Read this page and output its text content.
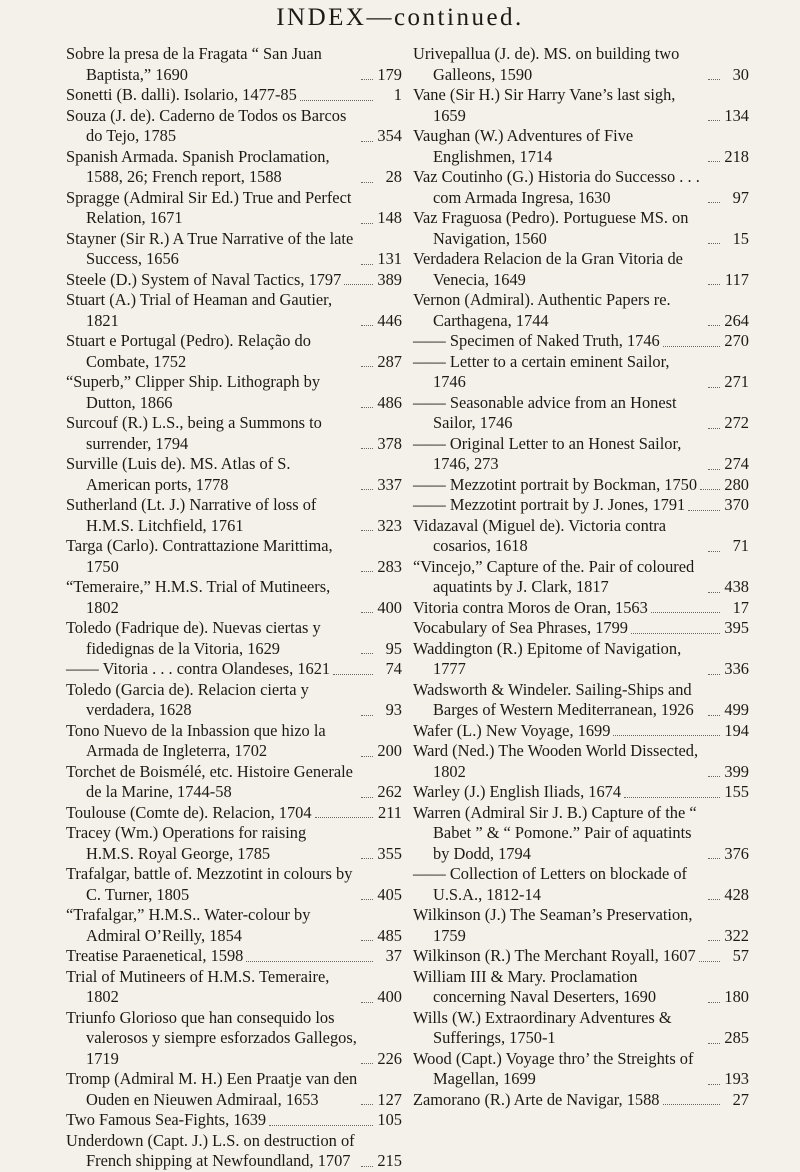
INDEX—continued.
Sobre la presa de la Fragata “ San Juan Baptista,” 1690	179
Sonetti (B. dalli). Isolario, 1477-85	1
Souza (J. de). Caderno de Todos os Barcos do Tejo, 1785	354
Spanish Armada. Spanish Proclamation, 1588, 26; French report, 1588	28
Spragge (Admiral Sir Ed.) True and Perfect Relation, 1671	148
Stayner (Sir R.) A True Narrative of the late Success, 1656	131
Steele (D.) System of Naval Tactics, 1797 389
Stuart (A.) Trial of Heaman and Gautier, 1821	446
Stuart e Portugal (Pedro). Relação do Combate, 1752	287
“Superb,” Clipper Ship. Lithograph by Dutton, 1866	486
Surcouf (R.) L.S., being a Summons to surrender, 1794	378
Surville (Luis de). MS. Atlas of S. American ports, 1778	337
Sutherland (Lt. J.) Narrative of loss of H.M.S. Litchfield, 1761	323
Targa (Carlo). Contrattazione Marittima, 1750	283
“Temeraire,” H.M.S. Trial of Mutineers, 1802	400
Toledo (Fadrique de). Nuevas ciertas y fidedignas de la Vitoria, 1629	95
—— Vitoria . . . contra Olandeses, 1621	74
Toledo (Garcia de). Relacion cierta y verdadera, 1628	93
Tono Nuevo de la Inbassion que hizo la Armada de Ingleterra, 1702	200
Torchet de Boismélé, etc. Histoire Generale de la Marine, 1744-58	262
Toulouse (Comte de). Relacion, 1704	211
Tracey (Wm.) Operations for raising H.M.S. Royal George, 1785	355
Trafalgar, battle of. Mezzotint in colours by C. Turner, 1805	405
“Trafalgar,” H.M.S.. Water-colour by Admiral O’Reilly, 1854	485
Treatise Paraenetical, 1598	37
Trial of Mutineers of H.M.S. Temeraire, 1802	400
Triunfo Glorioso que han consequido los valerosos y siempre esforzados Gallegos, 1719	226
Tromp (Admiral M. H.) Een Praatje van den Ouden en Nieuwen Admiraal, 1653	127
Two Famous Sea-Fights, 1639	105
Underdown (Capt. J.) L.S. on destruction of French shipping at Newfoundland, 1707	215
Urivepallua (J. de). MS. on building two Galleons, 1590	30
Vane (Sir H.) Sir Harry Vane’s last sigh, 1659	134
Vaughan (W.) Adventures of Five Englishmen, 1714	218
Vaz Coutinho (G.) Historia do Successo . . . com Armada Ingresa, 1630	97
Vaz Fraguosa (Pedro). Portuguese MS. on Navigation, 1560	15
Verdadera Relacion de la Gran Vitoria de Venecia, 1649	117
Vernon (Admiral). Authentic Papers re. Carthagena, 1744	264
—— Specimen of Naked Truth, 1746	270
—— Letter to a certain eminent Sailor, 1746	271
—— Seasonable advice from an Honest Sailor, 1746	272
—— Original Letter to an Honest Sailor, 1746, 273	274
—— Mezzotint portrait by Bockman, 1750 280
—— Mezzotint portrait by J. Jones, 1791 370
Vidazaval (Miguel de). Victoria contra cosarios, 1618	71
“Vincejo,” Capture of the. Pair of coloured aquatints by J. Clark, 1817	438
Vitoria contra Moros de Oran, 1563	17
Vocabulary of Sea Phrases, 1799	395
Waddington (R.) Epitome of Navigation, 1777	336
Wadsworth & Windeler. Sailing-Ships and Barges of Western Mediterranean, 1926	499
Wafer (L.) New Voyage, 1699	194
Ward (Ned.) The Wooden World Dissected, 1802	399
Warley (J.) English Iliads, 1674	155
Warren (Admiral Sir J. B.) Capture of the “ Babet ” & “ Pomone.” Pair of aquatints by Dodd, 1794	376
—— Collection of Letters on blockade of U.S.A., 1812-14	428
Wilkinson (J.) The Seaman’s Preservation, 1759	322
Wilkinson (R.) The Merchant Royall, 1607	57
William III & Mary. Proclamation concerning Naval Deserters, 1690	180
Wills (W.) Extraordinary Adventures & Sufferings, 1750-1	285
Wood (Capt.) Voyage thro’ the Streights of Magellan, 1699	193
Zamorano (R.) Arte de Navigar, 1588	27
